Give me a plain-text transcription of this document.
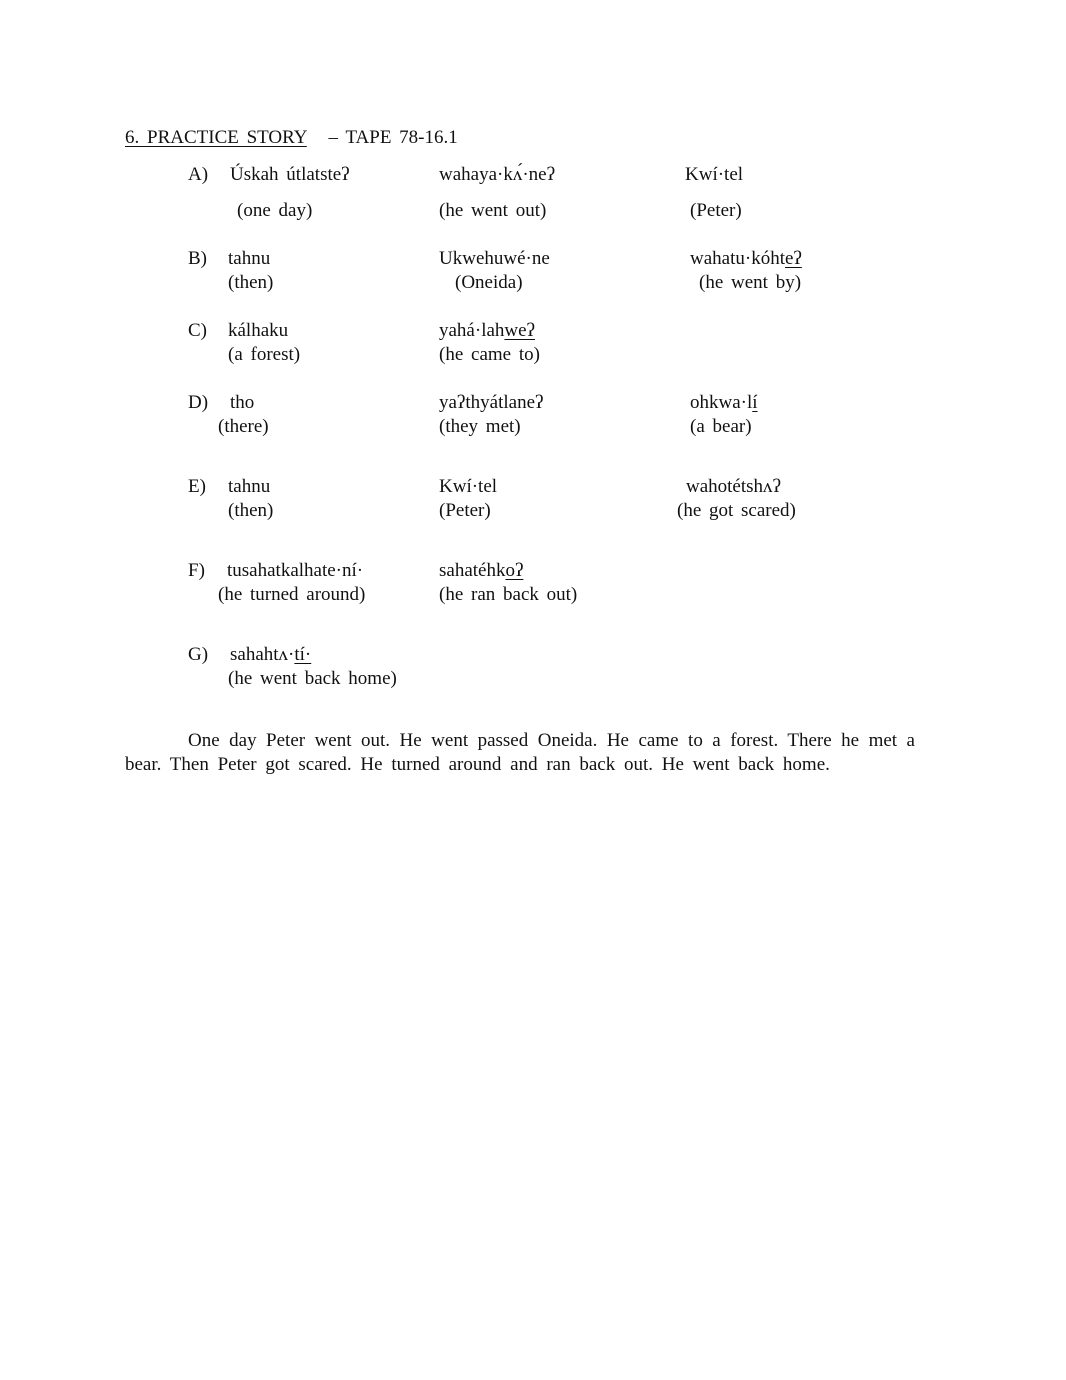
6. PRACTICE STORY – TAPE 78-16.1
A) Úskah útlatsteʔ	wahaya·kʌ́·neʔ	Kwí·tel
(one day)	(he went out)	(Peter)
B) tahnu	Ukwehuwé·ne	wahatu·kóhteʔ
(then)	(Oneida)	(he went by)
C) kálhaku	yahá·lahweʔ
(a forest)	(he came to)
D) tho	yaʔthyátlaneʔ	ohkwa·lí
(there)	(they met)	(a bear)
E) tahnu	Kwí·tel	wahotétshʌʔ
(then)	(Peter)	(he got scared)
F) tusahatkalhate·ní·	sahatéhkoʔ
(he turned around)	(he ran back out)
G) sahahtʌ·tí·
(he went back home)

One day Peter went out. He went passed Oneida. He came to a forest. There he met a bear. Then Peter got scared. He turned around and ran back out. He went back home.
